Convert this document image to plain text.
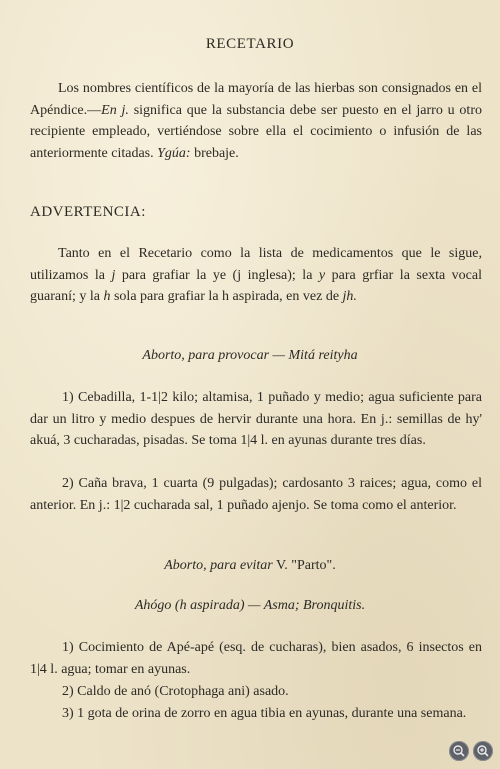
RECETARIO
Los nombres científicos de la mayoría de las hierbas son consignados en el Apéndice.—En j. significa que la substancia debe ser puesto en el jarro u otro recipiente empleado, vertiéndose sobre ella el cocimiento o infusión de las anteriormente citadas. Ygúa: brebaje.
ADVERTENCIA:
Tanto en el Recetario como la lista de medicamentos que le sigue, utilizamos la j para grafiar la ye (j inglesa); la y para grfiar la sexta vocal guaraní; y la h sola para grafiar la h aspirada, en vez de jh.
Aborto, para provocar — Mitá reityha
1) Cebadilla, 1-1|2 kilo; altamisa, 1 puñado y medio; agua suficiente para dar un litro y medio despues de hervir durante una hora. En j.: semillas de hy' akuá, 3 cucharadas, pisadas. Se toma 1|4 l. en ayunas durante tres días.
2) Caña brava, 1 cuarta (9 pulgadas); cardosanto 3 raices; agua, como el anterior. En j.: 1|2 cucharada sal, 1 puñado ajenjo. Se toma como el anterior.
Aborto, para evitar V. "Parto".
Ahógo (h aspirada) — Asma; Bronquitis.
1) Cocimiento de Apé-apé (esq. de cucharas), bien asados, 6 insectos en 1|4 l. agua; tomar en ayunas.
2) Caldo de anó (Crotophaga ani) asado.
3) 1 gota de orina de zorro en agua tibia en ayunas, durante una semana.
